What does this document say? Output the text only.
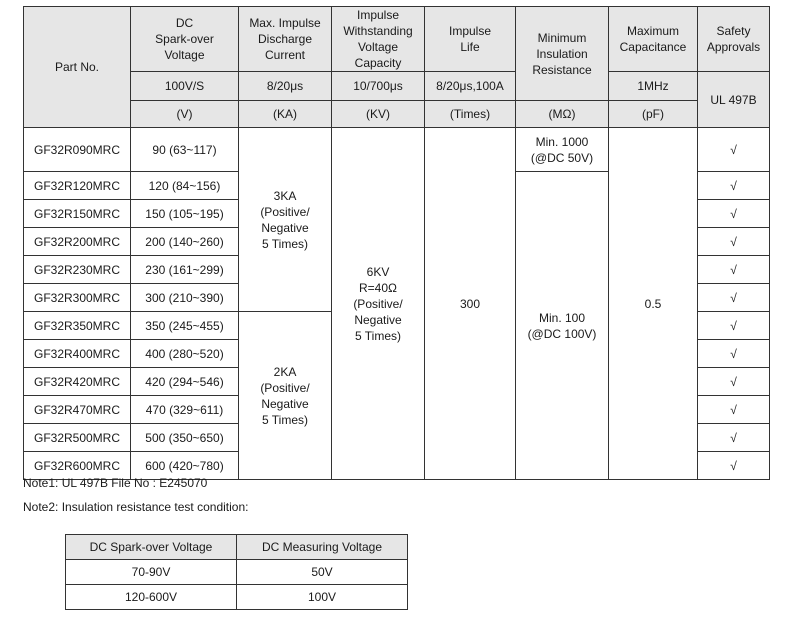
Part No.	DC
Spark-over
Voltage	Max. Impulse
Discharge
Current	Impulse
Withstanding
Voltage
Capacity	Impulse
Life	Minimum
Insulation
Resistance	Maximum
Capacitance	Safety
Approvals
	100V/S	8/20μs	10/700μs	8/20μs,100A		1MHz	UL 497B
	(V)	(KA)	(KV)	(Times)	(MΩ)	(pF)	
GF32R090MRC	90 (63~117)	3KA
(Positive/
Negative
5 Times)	6KV
R=40Ω
(Positive/
Negative
5 Times)	300	Min. 1000
(@DC 50V)	0.5	√
GF32R120MRC	120 (84~156)				Min. 100
(@DC 100V)		√
GF32R150MRC	150 (105~195)						√
GF32R200MRC	200 (140~260)						√
GF32R230MRC	230 (161~299)						√
GF32R300MRC	300 (210~390)						√
GF32R350MRC	350 (245~455)	2KA
(Positive/
Negative
5 Times)					√
GF32R400MRC	400 (280~520)						√
GF32R420MRC	420 (294~546)						√
GF32R470MRC	470 (329~611)						√
GF32R500MRC	500 (350~650)						√
GF32R600MRC	600 (420~780)						√
Note1: UL 497B File No : E245070
Note2: Insulation resistance test condition:
DC Spark-over Voltage	DC Measuring Voltage
70-90V	50V
120-600V	100V
